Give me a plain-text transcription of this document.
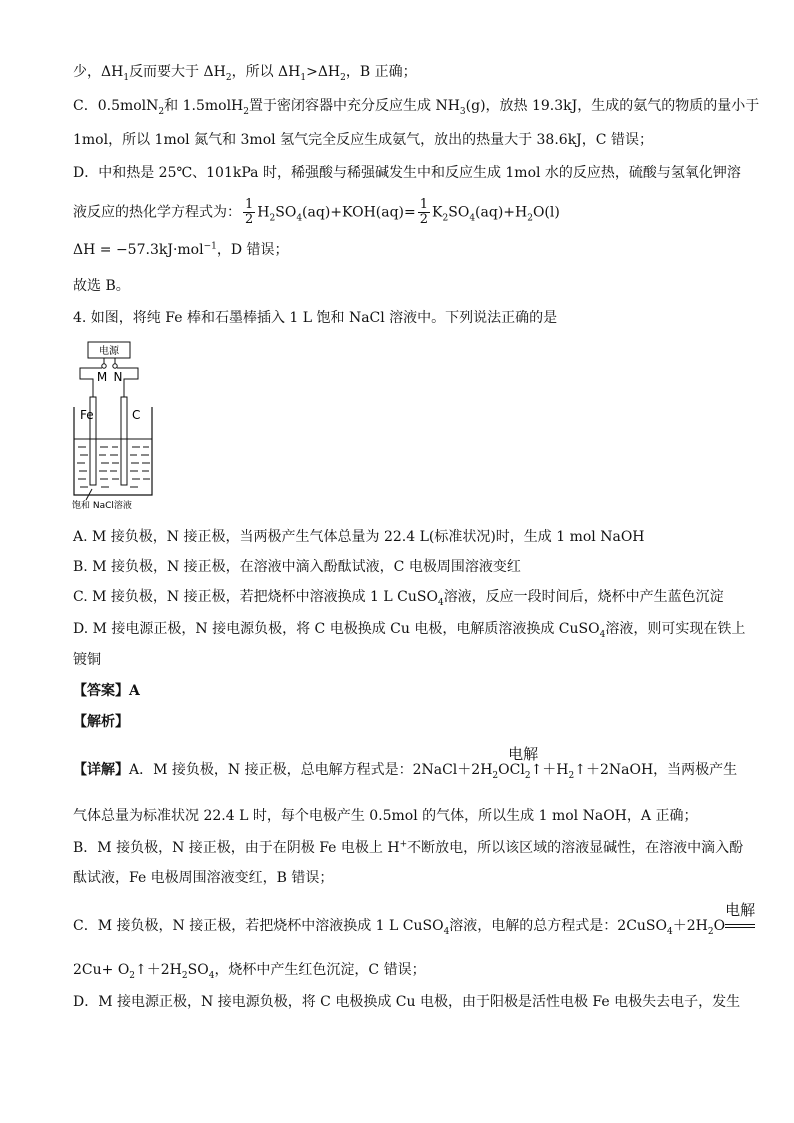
少，$\Delta H_1$反而要大于 $\Delta H_2$，所以 $\Delta H_1>\Delta H_2$，B 正确；
C．0.5molN$_2$和 1.5molH$_2$置于密闭容器中充分反应生成 $NH_3(g)$，放热 19.3kJ，生成的氨气的物质的量小于
1mol，所以 1mol 氮气和 3mol 氢气完全反应生成氨气，放出的热量大于 38.6kJ，C 错误；
D．中和热是 25℃、101kPa 时，稀强酸与稀强碱发生中和反应生成 1mol 水的反应热，硫酸与氢氧化钾溶
液反应的热化学方程式为： $\frac{1}{2} H_2SO_4(aq)+KOH(aq)= \frac{1}{2} K_2SO_4(aq)+H_2O(l)$
ΔH = −57.3kJ·mol$^{-1}$，D 错误；
故选 B。
4. 如图，将纯 Fe 棒和石墨棒插入 1 L 饱和 NaCl 溶液中。下列说法正确的是
电源
M N
Fe	C
饱和 NaCl溶液
A. M 接负极，N 接正极，当两极产生气体总量为 22.4 L(标准状况)时，生成 1 mol NaOH
B. M 接负极，N 接正极，在溶液中滴入酚酞试液，C 电极周围溶液变红
C. M 接负极，N 接正极，若把烧杯中溶液换成 1 L CuSO$_4$溶液，反应一段时间后，烧杯中产生蓝色沉淀
D. M 接电源正极，N 接电源负极，将 C 电极换成 Cu 电极，电解质溶液换成 CuSO$_4$溶液，则可实现在铁上
镀铜
【答案】A
【解析】
【详解】A．M 接负极，N 接正极，总电解方程式是：$2NaCl+2H_2O$
电解
$Cl_2↑+H_2↑+2NaOH$，当两极产生
气体总量为标准状况 22.4 L 时，每个电极产生 0.5mol 的气体，所以生成 1 mol NaOH，A 正确；
B．M 接负极，N 接正极，由于在阴极 Fe 电极上 H+不断放电，所以该区域的溶液显碱性，在溶液中滴入酚
酞试液，Fe 电极周围溶液变红，B 错误；
C．M 接负极，N 接正极，若把烧杯中溶液换成 1 L CuSO$_4$溶液，电解的总方程式是：$2CuSO_4+2H_2O$
电解
$2Cu+ O_2↑+2H_2SO_4$，烧杯中产生红色沉淀，C 错误；
D．M 接电源正极，N 接电源负极，将 C 电极换成 Cu 电极，由于阳极是活性电极 Fe 电极失去电子，发生
